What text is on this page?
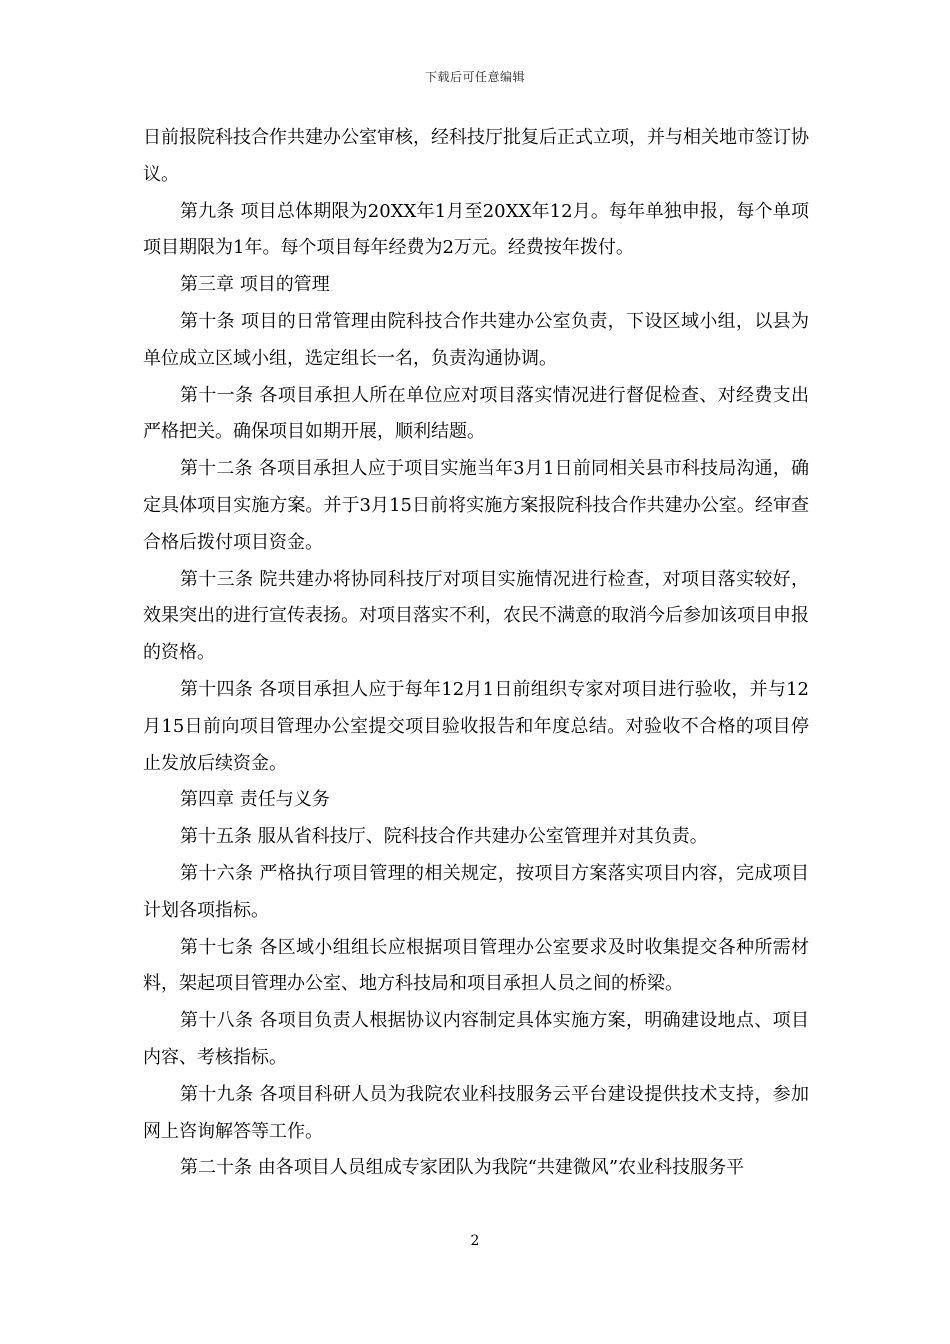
下载后可任意编辑

日前报院科技合作共建办公室审核，经科技厅批复后正式立项，并与相关地市签订协议。

第九条 项目总体期限为20XX年1月至20XX年12月。每年单独申报，每个单项项目期限为1年。每个项目每年经费为2万元。经费按年拨付。

第三章 项目的管理

第十条 项目的日常管理由院科技合作共建办公室负责，下设区域小组，以县为单位成立区域小组，选定组长一名，负责沟通协调。

第十一条 各项目承担人所在单位应对项目落实情况进行督促检查、对经费支出严格把关。确保项目如期开展，顺利结题。

第十二条 各项目承担人应于项目实施当年3月1日前同相关县市科技局沟通，确定具体项目实施方案。并于3月15日前将实施方案报院科技合作共建办公室。经审查合格后拨付项目资金。

第十三条 院共建办将协同科技厅对项目实施情况进行检查，对项目落实较好，效果突出的进行宣传表扬。对项目落实不利，农民不满意的取消今后参加该项目申报的资格。

第十四条 各项目承担人应于每年12月1日前组织专家对项目进行验收，并与12月15日前向项目管理办公室提交项目验收报告和年度总结。对验收不合格的项目停止发放后续资金。

第四章 责任与义务

第十五条 服从省科技厅、院科技合作共建办公室管理并对其负责。

第十六条 严格执行项目管理的相关规定，按项目方案落实项目内容，完成项目计划各项指标。

第十七条 各区域小组组长应根据项目管理办公室要求及时收集提交各种所需材料，架起项目管理办公室、地方科技局和项目承担人员之间的桥梁。

第十八条 各项目负责人根据协议内容制定具体实施方案，明确建设地点、项目内容、考核指标。

第十九条 各项目科研人员为我院农业科技服务云平台建设提供技术支持，参加网上咨询解答等工作。

第二十条 由各项目人员组成专家团队为我院“共建微风”农业科技服务平

2
